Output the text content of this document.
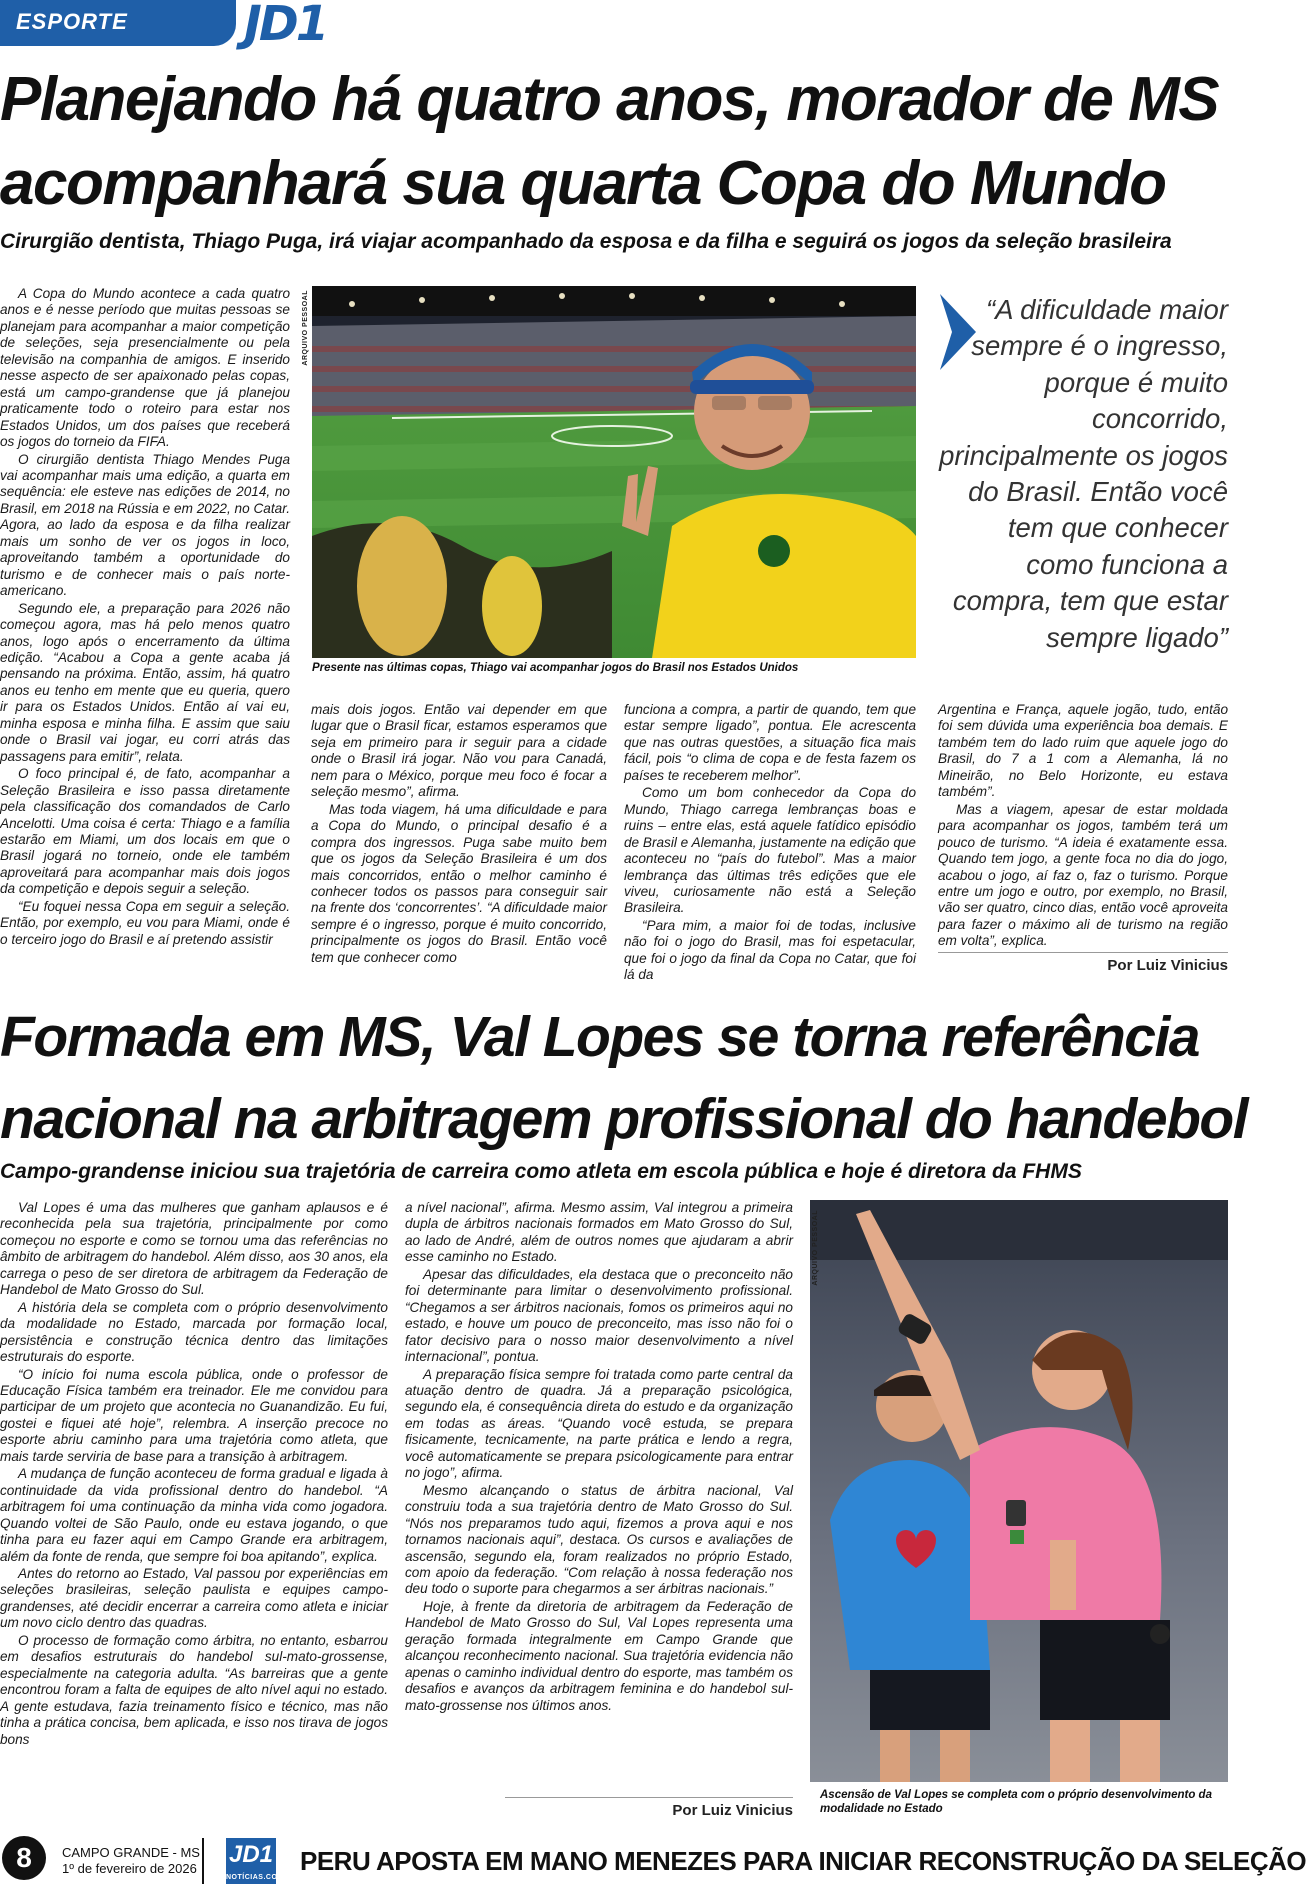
ESPORTE JD1
Planejando há quatro anos, morador de MS
acompanhará sua quarta Copa do Mundo
Cirurgião dentista, Thiago Puga, irá viajar acompanhado da esposa e da filha e seguirá os jogos da seleção brasileira

A Copa do Mundo acontece a cada quatro anos e é nesse período que muitas pessoas se planejam para acompanhar a maior competição de seleções, seja presencialmente ou pela televisão na companhia de amigos. E inserido nesse aspecto de ser apaixonado pelas copas, está um campo-grandense que já planejou praticamente todo o roteiro para estar nos Estados Unidos, um dos países que receberá os jogos do torneio da FIFA.

O cirurgião dentista Thiago Mendes Puga vai acompanhar mais uma edição, a quarta em sequência: ele esteve nas edições de 2014, no Brasil, em 2018 na Rússia e em 2022, no Catar. Agora, ao lado da esposa e da filha realizar mais um sonho de ver os jogos in loco, aproveitando também a oportunidade do turismo e de conhecer mais o país norte-americano.

Segundo ele, a preparação para 2026 não começou agora, mas há pelo menos quatro anos, logo após o encerramento da última edição. “Acabou a Copa a gente acaba já pensando na próxima. Então, assim, há quatro anos eu tenho em mente que eu queria, quero ir para os Estados Unidos. Então aí vai eu, minha esposa e minha filha. E assim que saiu onde o Brasil vai jogar, eu corri atrás das passagens para emitir”, relata.

O foco principal é, de fato, acompanhar a Seleção Brasileira e isso passa diretamente pela classificação dos comandados de Carlo Ancelotti. Uma coisa é certa: Thiago e a família estarão em Miami, um dos locais em que o Brasil jogará no torneio, onde ele também aproveitará para acompanhar mais dois jogos da competição e depois seguir a seleção.

“Eu foquei nessa Copa em seguir a seleção. Então, por exemplo, eu vou para Miami, onde é o terceiro jogo do Brasil e aí pretendo assistir

ARQUIVO PESSOAL
Presente nas últimas copas, Thiago vai acompanhar jogos do Brasil nos Estados Unidos
“A dificuldade maior sempre é o ingresso, porque é muito concorrido, principalmente os jogos do Brasil. Então você tem que conhecer como funciona a compra, tem que estar sempre ligado”

mais dois jogos. Então vai depender em que lugar que o Brasil ficar, estamos esperamos que seja em primeiro para ir seguir para a cidade onde o Brasil irá jogar. Não vou para Canadá, nem para o México, porque meu foco é focar a seleção mesmo”, afirma.

Mas toda viagem, há uma dificuldade e para a Copa do Mundo, o principal desafio é a compra dos ingressos. Puga sabe muito bem que os jogos da Seleção Brasileira é um dos mais concorridos, então o melhor caminho é conhecer todos os passos para conseguir sair na frente dos ‘concorrentes’. “A dificuldade maior sempre é o ingresso, porque é muito concorrido, principalmente os jogos do Brasil. Então você tem que conhecer como

funciona a compra, a partir de quando, tem que estar sempre ligado”, pontua. Ele acrescenta que nas outras questões, a situação fica mais fácil, pois “o clima de copa e de festa fazem os países te receberem melhor”.

Como um bom conhecedor da Copa do Mundo, Thiago carrega lembranças boas e ruins – entre elas, está aquele fatídico episódio de Brasil e Alemanha, justamente na edição que aconteceu no “país do futebol”. Mas a maior lembrança das últimas três edições que ele viveu, curiosamente não está a Seleção Brasileira.

“Para mim, a maior foi de todas, inclusive não foi o jogo do Brasil, mas foi espetacular, que foi o jogo da final da Copa no Catar, que foi lá da

Argentina e França, aquele jogão, tudo, então foi sem dúvida uma experiência boa demais. E também tem do lado ruim que aquele jogo do Brasil, do 7 a 1 com a Alemanha, lá no Mineirão, no Belo Horizonte, eu estava também”.

Mas a viagem, apesar de estar moldada para acompanhar os jogos, também terá um pouco de turismo. “A ideia é exatamente essa. Quando tem jogo, a gente foca no dia do jogo, acabou o jogo, aí faz o, faz o turismo. Porque entre um jogo e outro, por exemplo, no Brasil, vão ser quatro, cinco dias, então você aproveita para fazer o máximo ali de turismo na região em volta”, explica.

Por Luiz Vinicius
Formada em MS, Val Lopes se torna referência
nacional na arbitragem profissional do handebol
Campo-grandense iniciou sua trajetória de carreira como atleta em escola pública e hoje é diretora da FHMS

Val Lopes é uma das mulheres que ganham aplausos e é reconhecida pela sua trajetória, principalmente por como começou no esporte e como se tornou uma das referências no âmbito de arbitragem do handebol. Além disso, aos 30 anos, ela carrega o peso de ser diretora de arbitragem da Federação de Handebol de Mato Grosso do Sul.

A história dela se completa com o próprio desenvolvimento da modalidade no Estado, marcada por formação local, persistência e construção técnica dentro das limitações estruturais do esporte.

“O início foi numa escola pública, onde o professor de Educação Física também era treinador. Ele me convidou para participar de um projeto que acontecia no Guanandizão. Eu fui, gostei e fiquei até hoje”, relembra. A inserção precoce no esporte abriu caminho para uma trajetória como atleta, que mais tarde serviria de base para a transição à arbitragem.

A mudança de função aconteceu de forma gradual e ligada à continuidade da vida profissional dentro do handebol. “A arbitragem foi uma continuação da minha vida como jogadora. Quando voltei de São Paulo, onde eu estava jogando, o que tinha para eu fazer aqui em Campo Grande era arbitragem, além da fonte de renda, que sempre foi boa apitando”, explica.

Antes do retorno ao Estado, Val passou por experiências em seleções brasileiras, seleção paulista e equipes campo-grandenses, até decidir encerrar a carreira como atleta e iniciar um novo ciclo dentro das quadras.

O processo de formação como árbitra, no entanto, esbarrou em desafios estruturais do handebol sul-mato-grossense, especialmente na categoria adulta. “As barreiras que a gente encontrou foram a falta de equipes de alto nível aqui no estado. A gente estudava, fazia treinamento físico e técnico, mas não tinha a prática concisa, bem aplicada, e isso nos tirava de jogos bons

a nível nacional”, afirma. Mesmo assim, Val integrou a primeira dupla de árbitros nacionais formados em Mato Grosso do Sul, ao lado de André, além de outros nomes que ajudaram a abrir esse caminho no Estado.

Apesar das dificuldades, ela destaca que o preconceito não foi determinante para limitar o desenvolvimento profissional. “Chegamos a ser árbitros nacionais, fomos os primeiros aqui no estado, e houve um pouco de preconceito, mas isso não foi o fator decisivo para o nosso maior desenvolvimento a nível internacional”, pontua.

A preparação física sempre foi tratada como parte central da atuação dentro de quadra. Já a preparação psicológica, segundo ela, é consequência direta do estudo e da organização em todas as áreas. “Quando você estuda, se prepara fisicamente, tecnicamente, na parte prática e lendo a regra, você automaticamente se prepara psicologicamente para entrar no jogo”, afirma.

Mesmo alcançando o status de árbitra nacional, Val construiu toda a sua trajetória dentro de Mato Grosso do Sul. “Nós nos preparamos tudo aqui, fizemos a prova aqui e nos tornamos nacionais aqui”, destaca. Os cursos e avaliações de ascensão, segundo ela, foram realizados no próprio Estado, com apoio da federação. “Com relação à nossa federação nos deu todo o suporte para chegarmos a ser árbitras nacionais.”

Hoje, à frente da diretoria de arbitragem da Federação de Handebol de Mato Grosso do Sul, Val Lopes representa uma geração formada integralmente em Campo Grande que alcançou reconhecimento nacional. Sua trajetória evidencia não apenas o caminho individual dentro do esporte, mas também os desafios e avanços da arbitragem feminina e do handebol sul-mato-grossense nos últimos anos.

Por Luiz Vinicius
ARQUIVO PESSOAL
Ascensão de Val Lopes se completa com o próprio desenvolvimento da modalidade no Estado
8	CAMPO GRANDE - MS
1º de fevereiro de 2026
JD1
NOTÍCIAS.COM
PERU APOSTA EM MANO MENEZES PARA INICIAR RECONSTRUÇÃO DA SELEÇÃO
